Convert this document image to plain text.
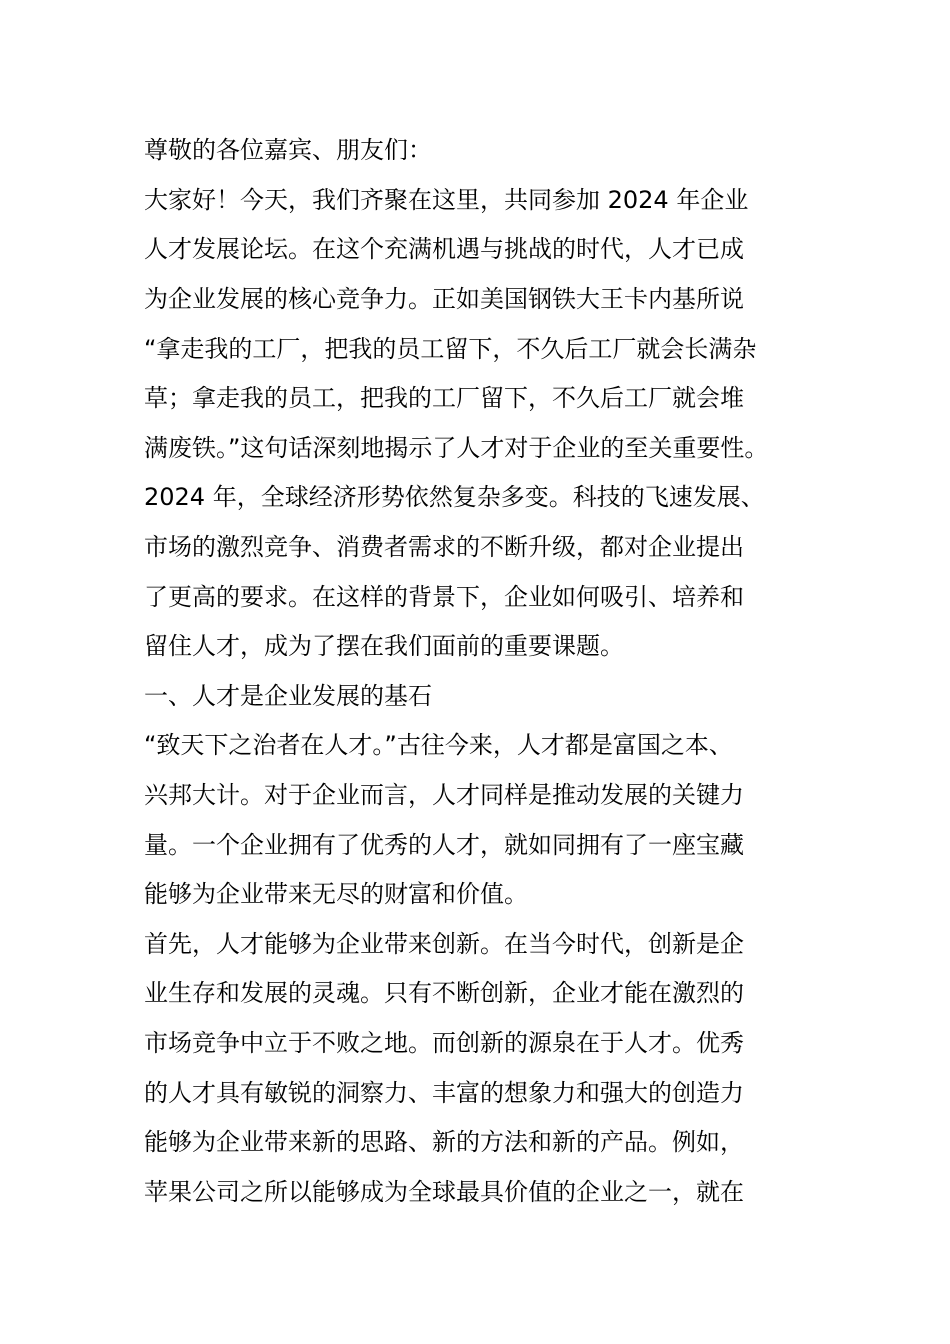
尊敬的各位嘉宾、朋友们：
大家好！今天，我们齐聚在这里，共同参加 2024 年企业
人才发展论坛。在这个充满机遇与挑战的时代，人才已成
为企业发展的核心竞争力。正如美国钢铁大王卡内基所说
“拿走我的工厂，把我的员工留下，不久后工厂就会长满杂
草；拿走我的员工，把我的工厂留下，不久后工厂就会堆
满废铁。”这句话深刻地揭示了人才对于企业的至关重要性。
2024 年，全球经济形势依然复杂多变。科技的飞速发展、
市场的激烈竞争、消费者需求的不断升级，都对企业提出
了更高的要求。在这样的背景下，企业如何吸引、培养和
留住人才，成为了摆在我们面前的重要课题。
一、人才是企业发展的基石
“致天下之治者在人才。”古往今来，人才都是富国之本、
兴邦大计。对于企业而言，人才同样是推动发展的关键力
量。一个企业拥有了优秀的人才，就如同拥有了一座宝藏
能够为企业带来无尽的财富和价值。
首先，人才能够为企业带来创新。在当今时代，创新是企
业生存和发展的灵魂。只有不断创新，企业才能在激烈的
市场竞争中立于不败之地。而创新的源泉在于人才。优秀
的人才具有敏锐的洞察力、丰富的想象力和强大的创造力
能够为企业带来新的思路、新的方法和新的产品。例如，
苹果公司之所以能够成为全球最具价值的企业之一，就在
